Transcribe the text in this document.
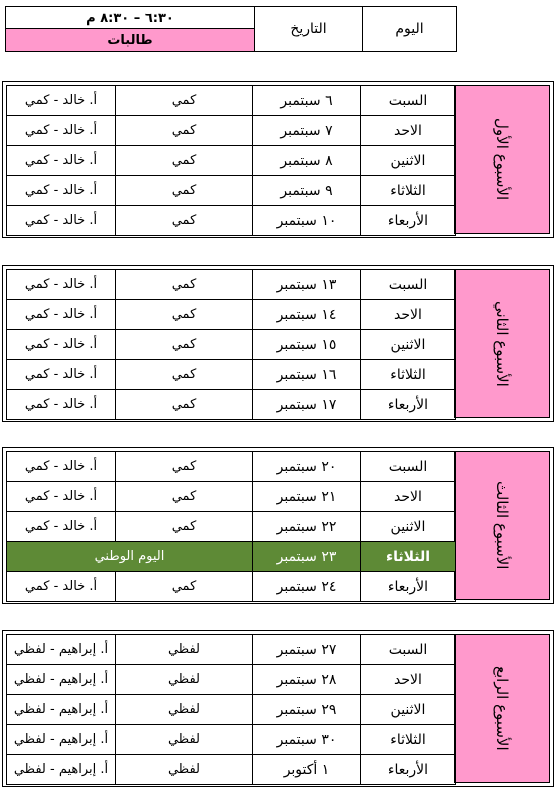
٦:٣٠ – ٨:٣٠ م
طالبات
التاريخ	اليوم
الأسبوع الأول
أ. خالد - كمي	كمي	٦ سبتمبر	السبت
أ. خالد - كمي	كمي	٧ سبتمبر	الاحد
أ. خالد - كمي	كمي	٨ سبتمبر	الاثنين
أ. خالد - كمي	كمي	٩ سبتمبر	الثلاثاء
أ. خالد - كمي	كمي	١٠ سبتمبر	الأربعاء
الأسبوع الثاني
أ. خالد - كمي	كمي	١٣ سبتمبر	السبت
أ. خالد - كمي	كمي	١٤ سبتمبر	الاحد
أ. خالد - كمي	كمي	١٥ سبتمبر	الاثنين
أ. خالد - كمي	كمي	١٦ سبتمبر	الثلاثاء
أ. خالد - كمي	كمي	١٧ سبتمبر	الأربعاء
الأسبوع الثالث
أ. خالد - كمي	كمي	٢٠ سبتمبر	السبت
أ. خالد - كمي	كمي	٢١ سبتمبر	الاحد
أ. خالد - كمي	كمي	٢٢ سبتمبر	الاثنين
اليوم الوطني	٢٣ سبتمبر	الثلاثاء
أ. خالد - كمي	كمي	٢٤ سبتمبر	الأربعاء
الأسبوع الرابع
أ. إبراهيم - لفظي	لفظي	٢٧ سبتمبر	السبت
أ. إبراهيم - لفظي	لفظي	٢٨ سبتمبر	الاحد
أ. إبراهيم - لفظي	لفظي	٢٩ سبتمبر	الاثنين
أ. إبراهيم - لفظي	لفظي	٣٠ سبتمبر	الثلاثاء
أ. إبراهيم - لفظي	لفظي	١ أكتوبر	الأربعاء
